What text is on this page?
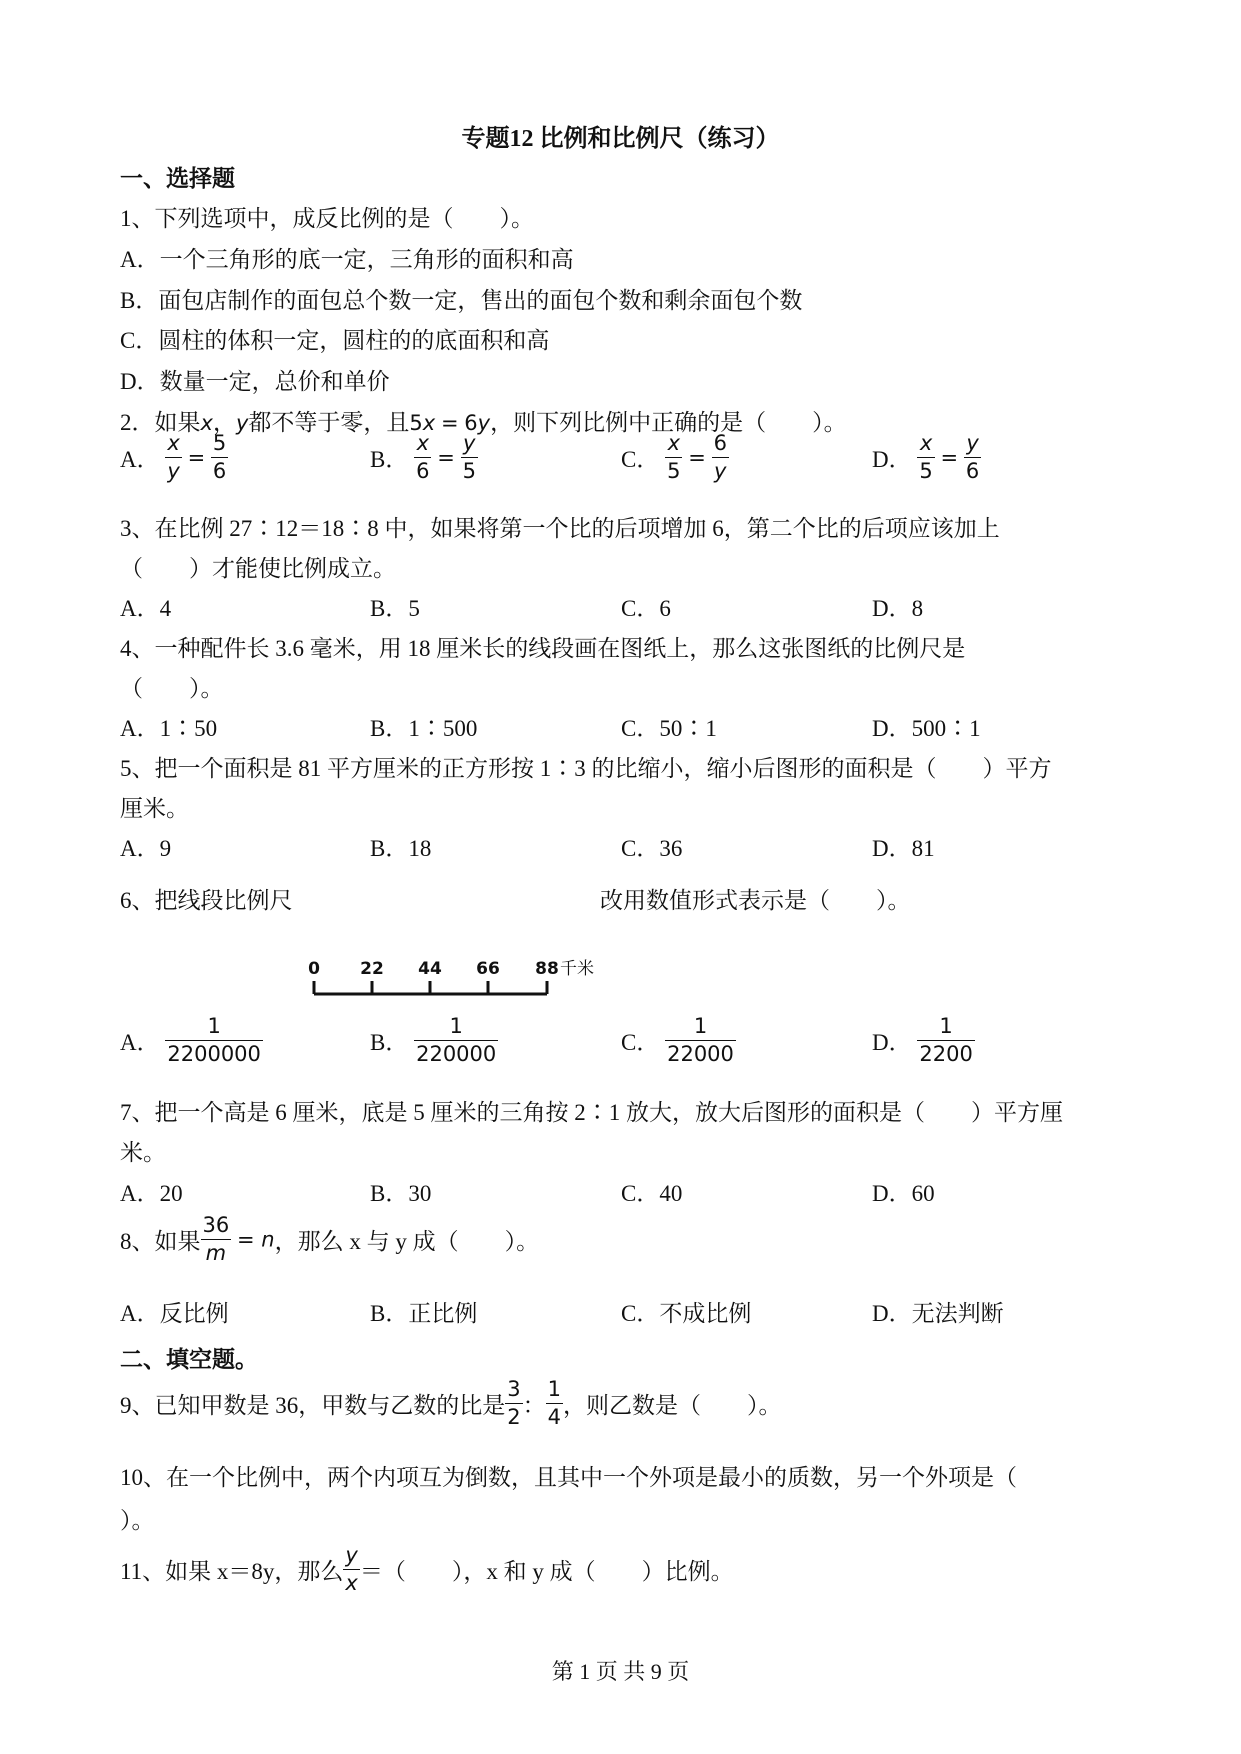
专题12 比例和比例尺（练习）
一、选择题
1、下列选项中，成反比例的是（　　）。
A．一个三角形的底一定，三角形的面积和高
B．面包店制作的面包总个数一定，售出的面包个数和剩余面包个数
C．圆柱的体积一定，圆柱的的底面积和高
D．数量一定，总价和单价
2．如果x，y都不等于零，且5x = 6y，则下列比例中正确的是（　　）。
A． $\frac{x}{y} = \frac{5}{6}$	B． $\frac{x}{6} = \frac{y}{5}$	C． $\frac{x}{5} = \frac{6}{y}$	D． $\frac{x}{5} = \frac{y}{6}$
3、在比例 27∶12＝18∶8 中，如果将第一个比的后项增加 6，第二个比的后项应该加上
（　　）才能使比例成立。
A．4	B．5	C．6	D．8
4、一种配件长 3.6 毫米，用 18 厘米长的线段画在图纸上，那么这张图纸的比例尺是
（　　）。
A．1∶50	B．1∶500	C．50∶1	D．500∶1
5、把一个面积是 81 平方厘米的正方形按 1∶3 的比缩小，缩小后图形的面积是（　　）平方
厘米。
A．9	B．18	C．36	D．81
6、把线段比例尺
0 22 44 66 88 千米
改用数值形式表示是（　　）。
A． $\frac{1}{2200000}$	B． $\frac{1}{220000}$	C． $\frac{1}{22000}$	D． $\frac{1}{2200}$
7、把一个高是 6 厘米，底是 5 厘米的三角按 2∶1 放大，放大后图形的面积是（　　）平方厘
米。
A．20	B．30	C．40	D．60
8、如果 $\frac{36}{m} = n$，那么 x 与 y 成（　　）。
A．反比例	B．正比例	C．不成比例	D．无法判断
二、填空题。
9、已知甲数是 36，甲数与乙数的比是 $\frac{3}{2}$ ： $\frac{1}{4}$ ，则乙数是（　　）。
10、在一个比例中，两个内项互为倒数，且其中一个外项是最小的质数，另一个外项是（
）。
11、如果 x＝8y，那么 $\frac{y}{x}$ ＝（　　），x 和 y 成（　　）比例。
第 1 页 共 9 页
